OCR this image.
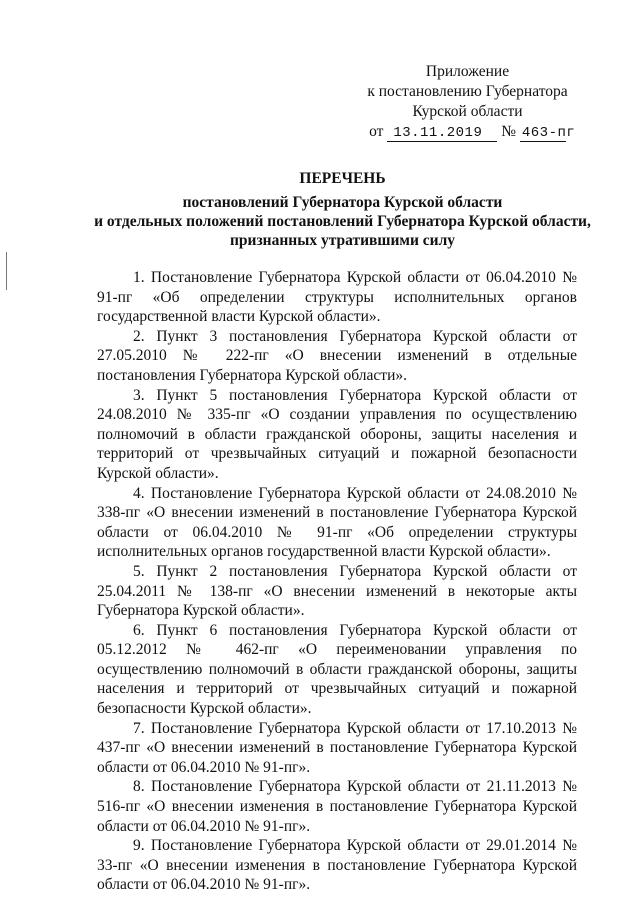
Приложение
к постановлению Губернатора
Курской области
от 13.11.2019 № 463-пг
ПЕРЕЧЕНЬ
постановлений Губернатора Курской области
и отдельных положений постановлений Губернатора Курской области,
признанных утратившими силу
1. Постановление Губернатора Курской области от 06.04.2010 № 91-пг «Об определении структуры исполнительных органов государственной власти Курской области».
2. Пункт 3 постановления Губернатора Курской области от 27.05.2010 № 222-пг «О внесении изменений в отдельные постановления Губернатора Курской области».
3. Пункт 5 постановления Губернатора Курской области от 24.08.2010 № 335-пг «О создании управления по осуществлению полномочий в области гражданской обороны, защиты населения и территорий от чрезвычайных ситуаций и пожарной безопасности Курской области».
4. Постановление Губернатора Курской области от 24.08.2010 № 338-пг «О внесении изменений в постановление Губернатора Курской области от 06.04.2010 № 91-пг «Об определении структуры исполнительных органов государственной власти Курской области».
5. Пункт 2 постановления Губернатора Курской области от 25.04.2011 № 138-пг «О внесении изменений в некоторые акты Губернатора Курской области».
6. Пункт 6 постановления Губернатора Курской области от 05.12.2012 № 462-пг «О переименовании управления по осуществлению полномочий в области гражданской обороны, защиты населения и территорий от чрезвычайных ситуаций и пожарной безопасности Курской области».
7. Постановление Губернатора Курской области от 17.10.2013 № 437-пг «О внесении изменений в постановление Губернатора Курской области от 06.04.2010 № 91-пг».
8. Постановление Губернатора Курской области от 21.11.2013 № 516-пг «О внесении изменения в постановление Губернатора Курской области от 06.04.2010 № 91-пг».
9. Постановление Губернатора Курской области от 29.01.2014 № 33-пг «О внесении изменения в постановление Губернатора Курской области от 06.04.2010 № 91-пг».
